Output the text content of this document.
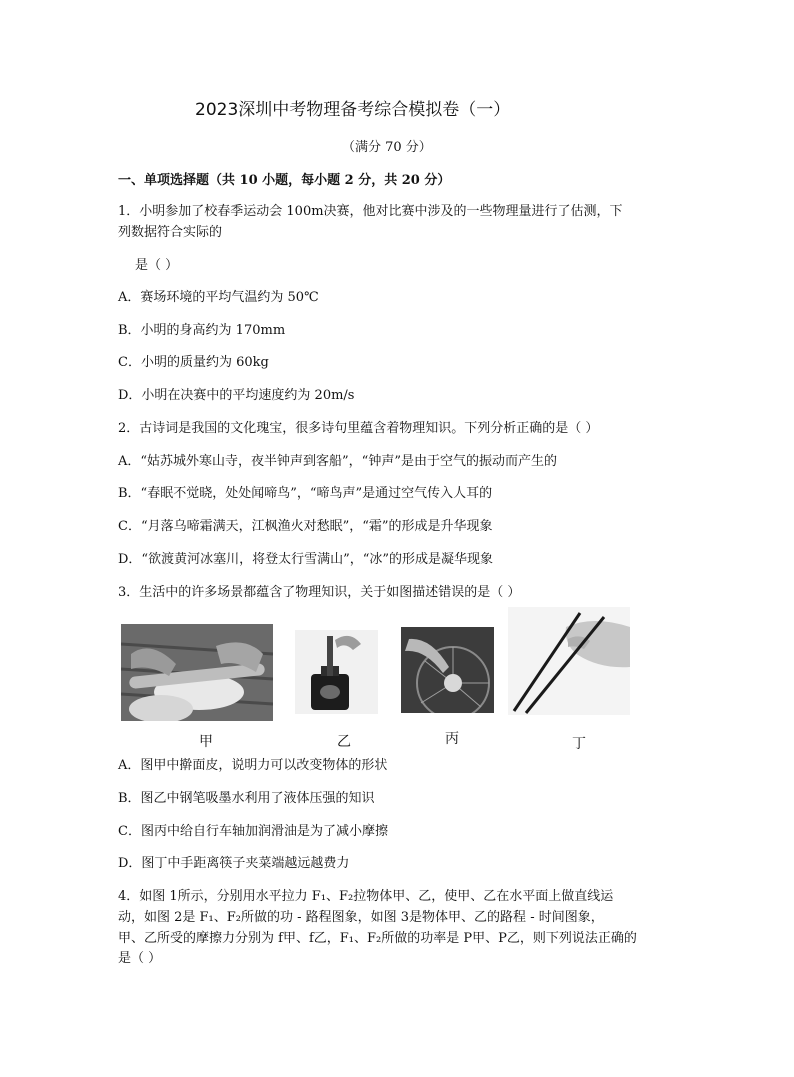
2023深圳中考物理备考综合模拟卷（一）
（满分 70 分）
一、单项选择题（共 10 小题，每小题 2 分，共 20 分）
1．小明参加了校春季运动会 100m决赛，他对比赛中涉及的一些物理量进行了估测，下
列数据符合实际的
是（ ）
A．赛场环境的平均气温约为 50℃
B．小明的身高约为 170mm
C．小明的质量约为 60kg
D．小明在决赛中的平均速度约为 20m/s
2．古诗词是我国的文化瑰宝，很多诗句里蕴含着物理知识。下列分析正确的是（ ）
A．“姑苏城外寒山寺，夜半钟声到客船”，“钟声”是由于空气的振动而产生的
B．“春眠不觉晓，处处闻啼鸟”，“啼鸟声”是通过空气传入人耳的
C．“月落乌啼霜满天，江枫渔火对愁眠”，“霜”的形成是升华现象
D．“欲渡黄河冰塞川，将登太行雪满山”，“冰”的形成是凝华现象
3．生活中的许多场景都蕴含了物理知识，关于如图描述错误的是（ ）
甲	乙	丙	丁
A．图甲中擀面皮，说明力可以改变物体的形状
B．图乙中钢笔吸墨水利用了液体压强的知识
C．图丙中给自行车轴加润滑油是为了减小摩擦
D．图丁中手距离筷子夹菜端越远越费力
4．如图 1所示，分别用水平拉力 F₁、F₂拉物体甲、乙，使甲、乙在水平面上做直线运
动，如图 2是 F₁、F₂所做的功 - 路程图象，如图 3是物体甲、乙的路程 - 时间图象，
甲、乙所受的摩擦力分别为 f甲、f乙，F₁、F₂所做的功率是 P甲、P乙，则下列说法正确的
是（ ）
